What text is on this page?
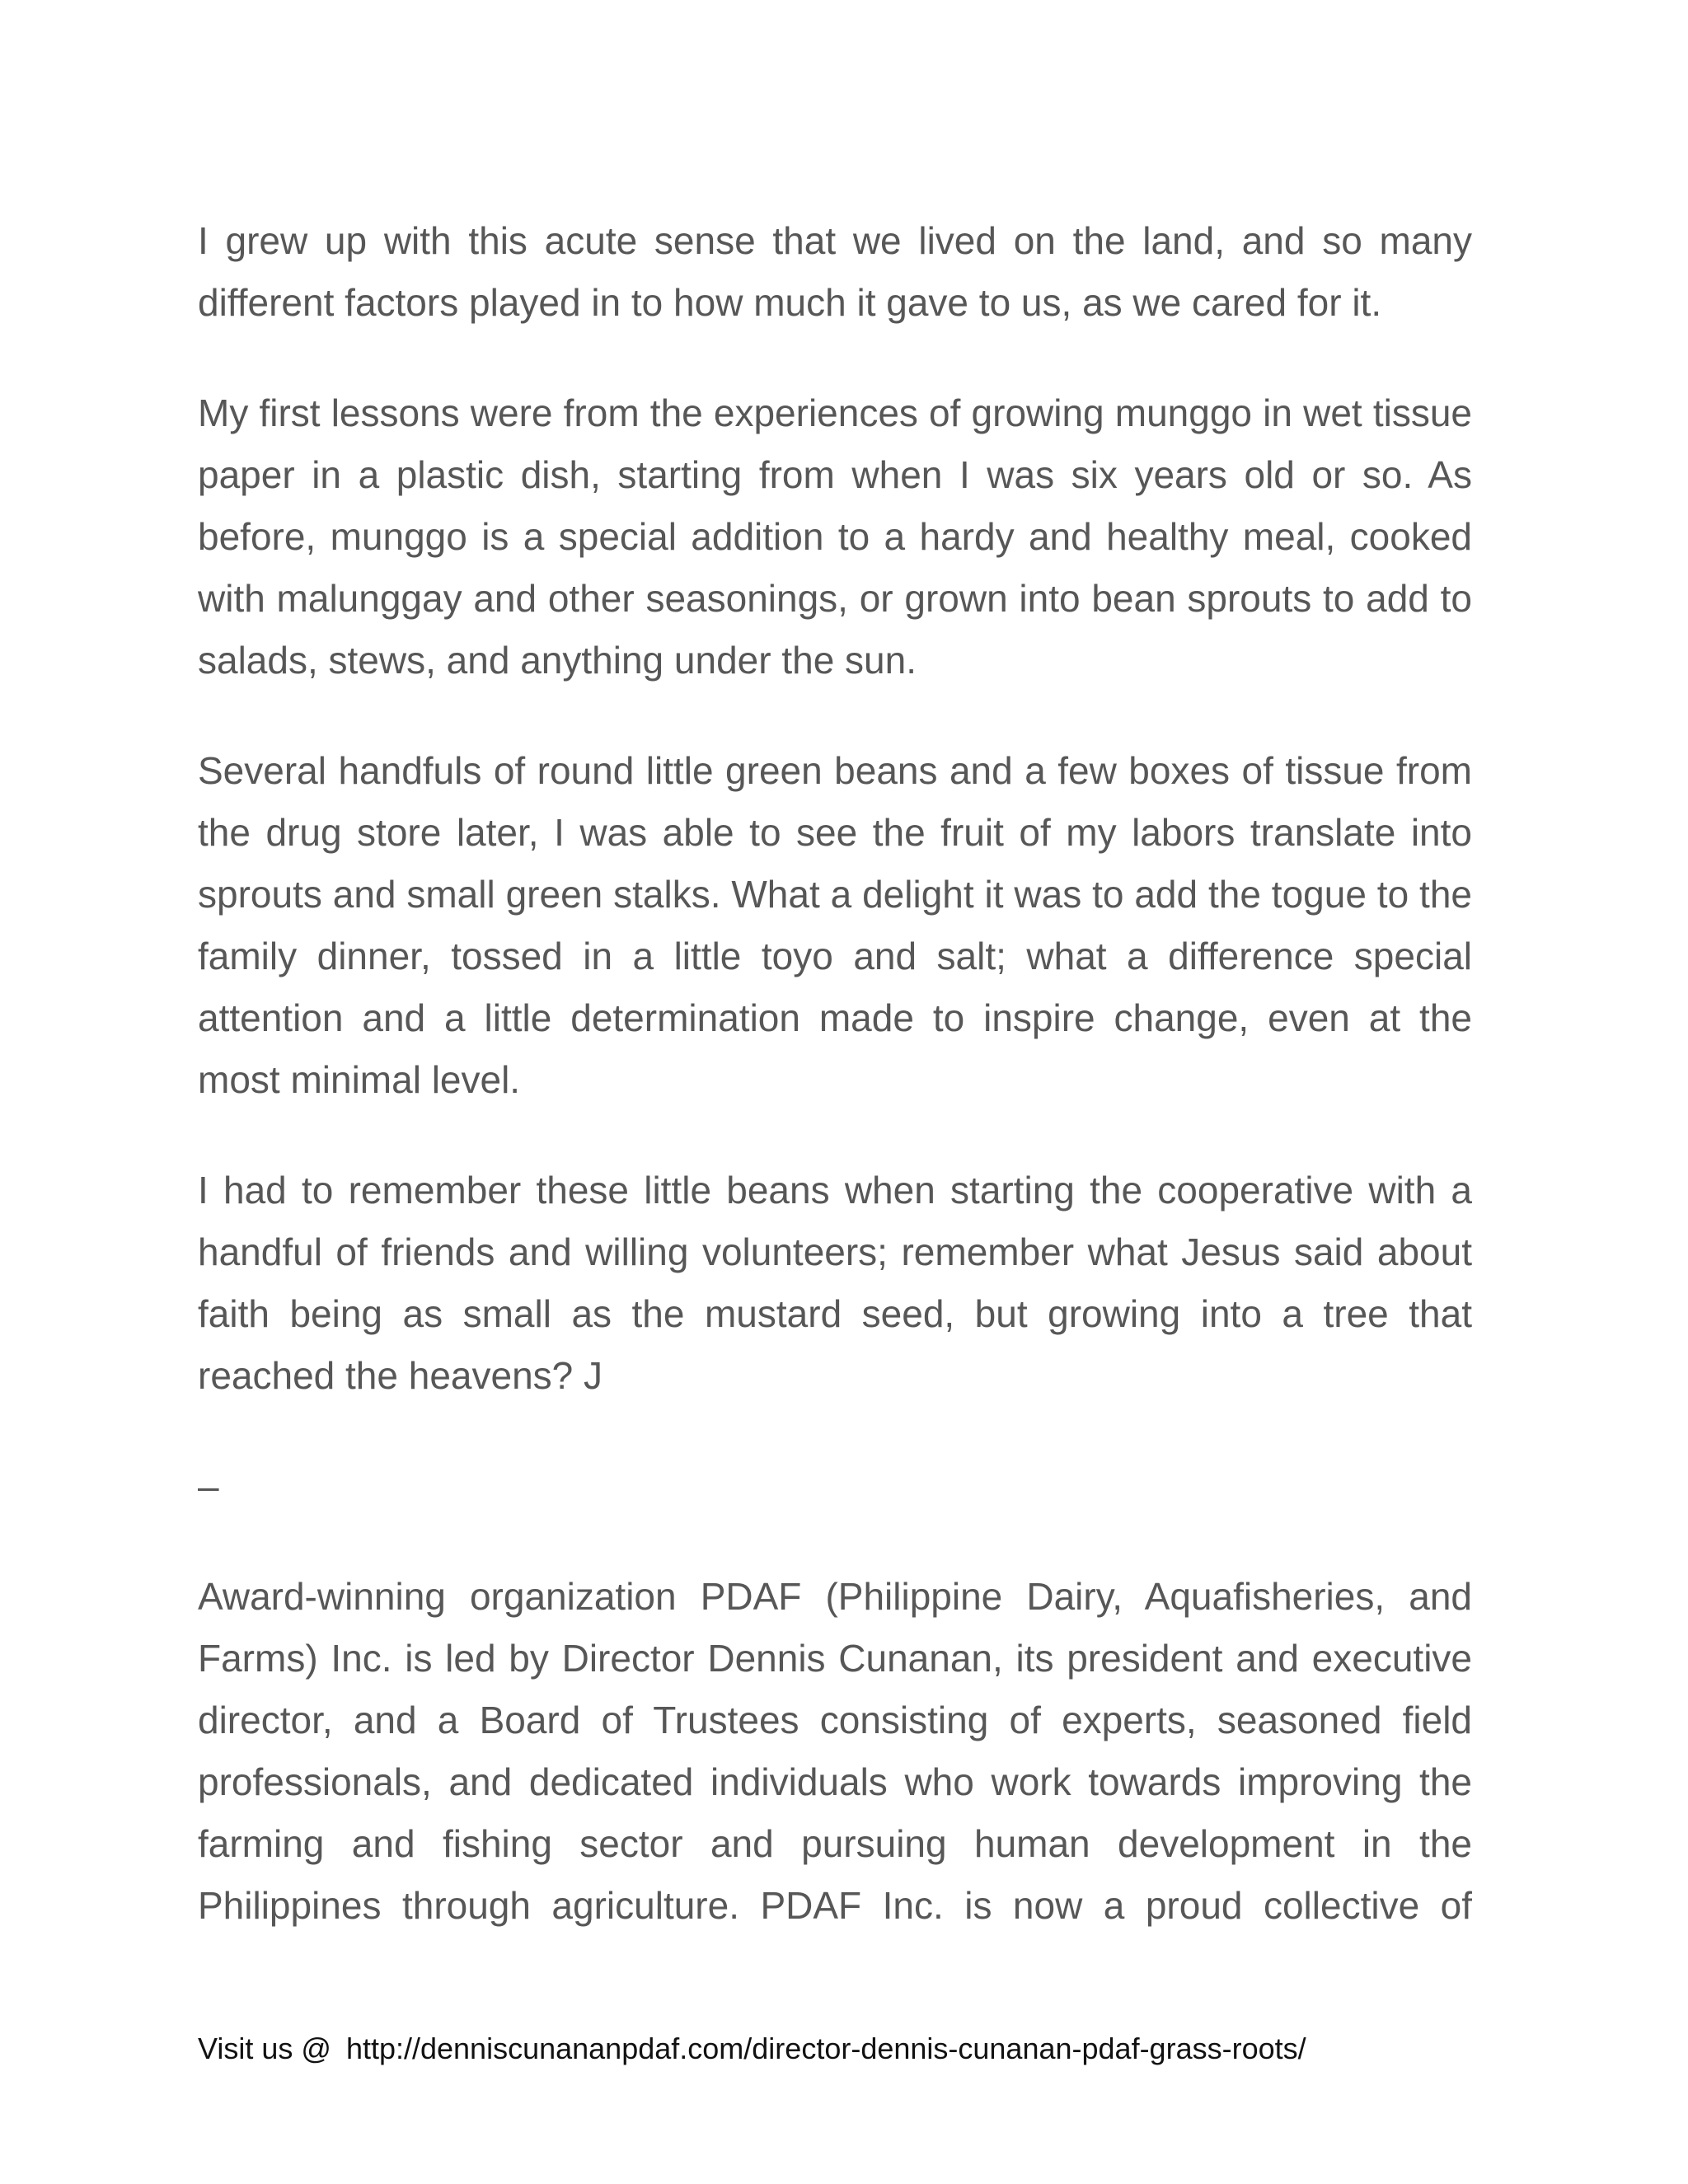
I grew up with this acute sense that we lived on the land, and so many different factors played in to how much it gave to us, as we cared for it.

My first lessons were from the experiences of growing munggo in wet tissue paper in a plastic dish, starting from when I was six years old or so. As before, munggo is a special addition to a hardy and healthy meal, cooked with malunggay and other seasonings, or grown into bean sprouts to add to salads, stews, and anything under the sun.

Several handfuls of round little green beans and a few boxes of tissue from the drug store later, I was able to see the fruit of my labors translate into sprouts and small green stalks. What a delight it was to add the togue to the family dinner, tossed in a little toyo and salt; what a difference special attention and a little determination made to inspire change, even at the most minimal level.

I had to remember these little beans when starting the cooperative with a handful of friends and willing volunteers; remember what Jesus said about faith being as small as the mustard seed, but growing into a tree that reached the heavens? J

–

Award-winning organization PDAF (Philippine Dairy, Aquafisheries, and Farms) Inc. is led by Director Dennis Cunanan, its president and executive director, and a Board of Trustees consisting of experts, seasoned field professionals, and dedicated individuals who work towards improving the farming and fishing sector and pursuing human development in the Philippines through agriculture. PDAF Inc. is now a proud collective of

Visit us @ http://denniscunananpdaf.com/director-dennis-cunanan-pdaf-grass-roots/
